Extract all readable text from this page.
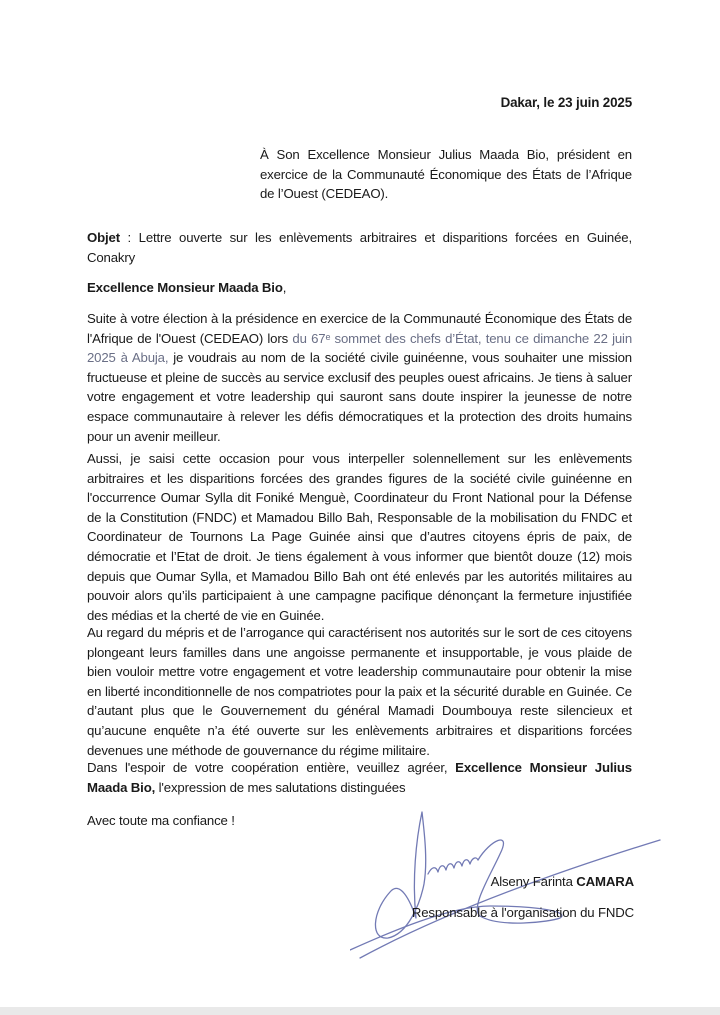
Dakar, le 23 juin 2025
À Son Excellence Monsieur Julius Maada Bio, président en exercice de la Communauté Économique des États de l’Afrique de l’Ouest (CEDEAO).
Objet : Lettre ouverte sur les enlèvements arbitraires et disparitions forcées en Guinée, Conakry
Excellence Monsieur Maada Bio,
Suite à votre élection à la présidence en exercice de la Communauté Économique des États de l'Afrique de l'Ouest (CEDEAO) lors du 67ᵉ sommet des chefs d’État, tenu ce dimanche 22 juin 2025 à Abuja, je voudrais au nom de la société civile guinéenne, vous souhaiter une mission fructueuse et pleine de succès au service exclusif des peuples ouest africains. Je tiens à saluer votre engagement et votre leadership qui sauront sans doute inspirer la jeunesse de notre espace communautaire à relever les défis démocratiques et la protection des droits humains pour un avenir meilleur.
Aussi, je saisi cette occasion pour vous interpeller solennellement sur les enlèvements arbitraires et les disparitions forcées des grandes figures de la société civile guinéenne en l'occurrence Oumar Sylla dit Foniké Menguè, Coordinateur du Front National pour la Défense de la Constitution (FNDC) et Mamadou Billo Bah, Responsable de la mobilisation du FNDC et Coordinateur de Tournons La Page Guinée ainsi que d’autres citoyens épris de paix, de démocratie et l’Etat de droit. Je tiens également à vous informer que bientôt douze (12) mois depuis que Oumar Sylla, et Mamadou Billo Bah ont été enlevés par les autorités militaires au pouvoir alors qu’ils participaient à une campagne pacifique dénonçant la fermeture injustifiée des médias et la cherté de vie en Guinée.
Au regard du mépris et de l’arrogance qui caractérisent nos autorités sur le sort de ces citoyens plongeant leurs familles dans une angoisse permanente et insupportable, je vous plaide de bien vouloir mettre votre engagement et votre leadership communautaire pour obtenir la mise en liberté inconditionnelle de nos compatriotes pour la paix et la sécurité durable en Guinée. Ce d’autant plus que le Gouvernement du général Mamadi Doumbouya reste silencieux et qu’aucune enquête n’a été ouverte sur les enlèvements arbitraires et disparitions forcées devenues une méthode de gouvernance du régime militaire.
Dans l'espoir de votre coopération entière, veuillez agréer, Excellence Monsieur Julius Maada Bio, l'expression de mes salutations distinguées
Avec toute ma confiance !
Alseny Farinta CAMARA
Responsable à l'organisation du FNDC
